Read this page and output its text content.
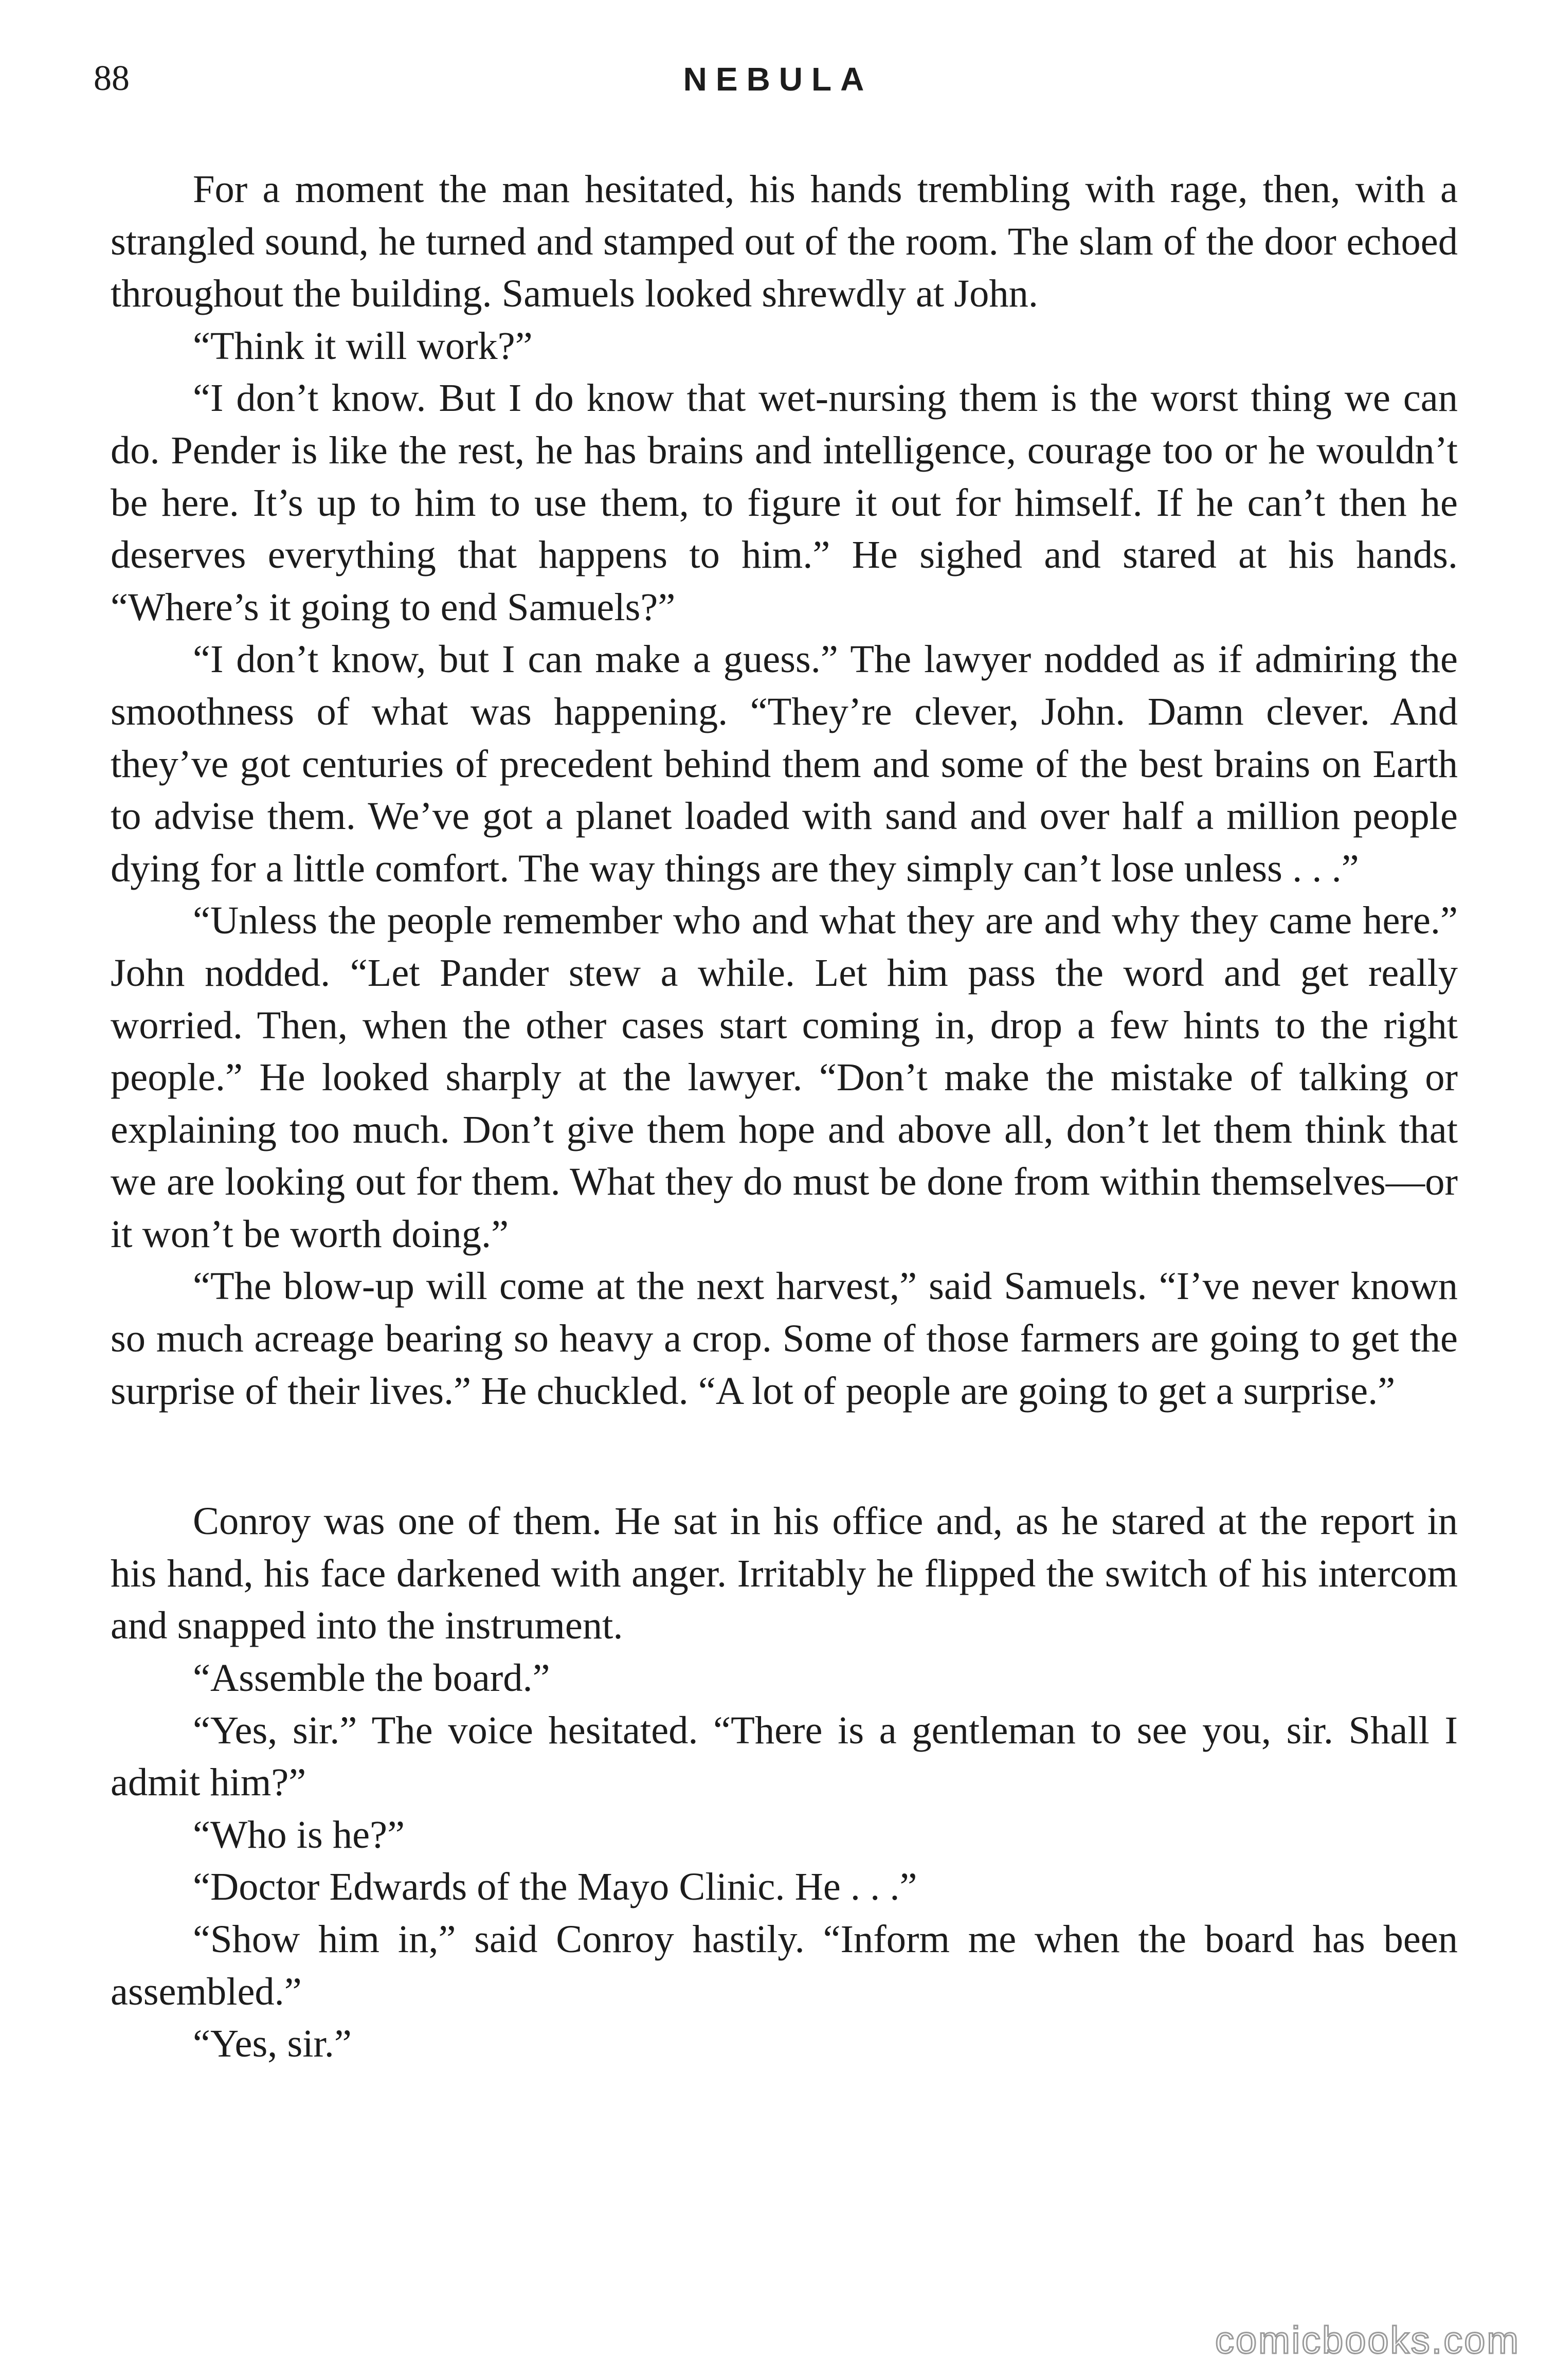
88	NEBULA

For a moment the man hesitated, his hands trembling with rage, then, with a strangled sound, he turned and stamped out of the room. The slam of the door echoed throughout the building. Samuels looked shrewdly at John.

“Think it will work?”

“I don’t know. But I do know that wet-nursing them is the worst thing we can do. Pender is like the rest, he has brains and intelligence, courage too or he wouldn’t be here. It’s up to him to use them, to figure it out for himself. If he can’t then he deserves everything that happens to him.” He sighed and stared at his hands. “Where’s it going to end Samuels?”

“I don’t know, but I can make a guess.” The lawyer nodded as if admiring the smoothness of what was happening. “They’re clever, John. Damn clever. And they’ve got centuries of precedent behind them and some of the best brains on Earth to advise them. We’ve got a planet loaded with sand and over half a million people dying for a little comfort. The way things are they simply can’t lose unless . . .”

“Unless the people remember who and what they are and why they came here.” John nodded. “Let Pander stew a while. Let him pass the word and get really worried. Then, when the other cases start coming in, drop a few hints to the right people.” He looked sharply at the lawyer. “Don’t make the mistake of talking or explaining too much. Don’t give them hope and above all, don’t let them think that we are looking out for them. What they do must be done from within themselves—or it won’t be worth doing.”

“The blow-up will come at the next harvest,” said Samuels. “I’ve never known so much acreage bearing so heavy a crop. Some of those farmers are going to get the surprise of their lives.” He chuckled. “A lot of people are going to get a surprise.”

Conroy was one of them. He sat in his office and, as he stared at the report in his hand, his face darkened with anger. Irritably he flipped the switch of his intercom and snapped into the instrument.

“Assemble the board.”

“Yes, sir.” The voice hesitated. “There is a gentleman to see you, sir. Shall I admit him?”

“Who is he?”

“Doctor Edwards of the Mayo Clinic. He . . .”

“Show him in,” said Conroy hastily. “Inform me when the board has been assembled.”

“Yes, sir.”

comicbooks.com
